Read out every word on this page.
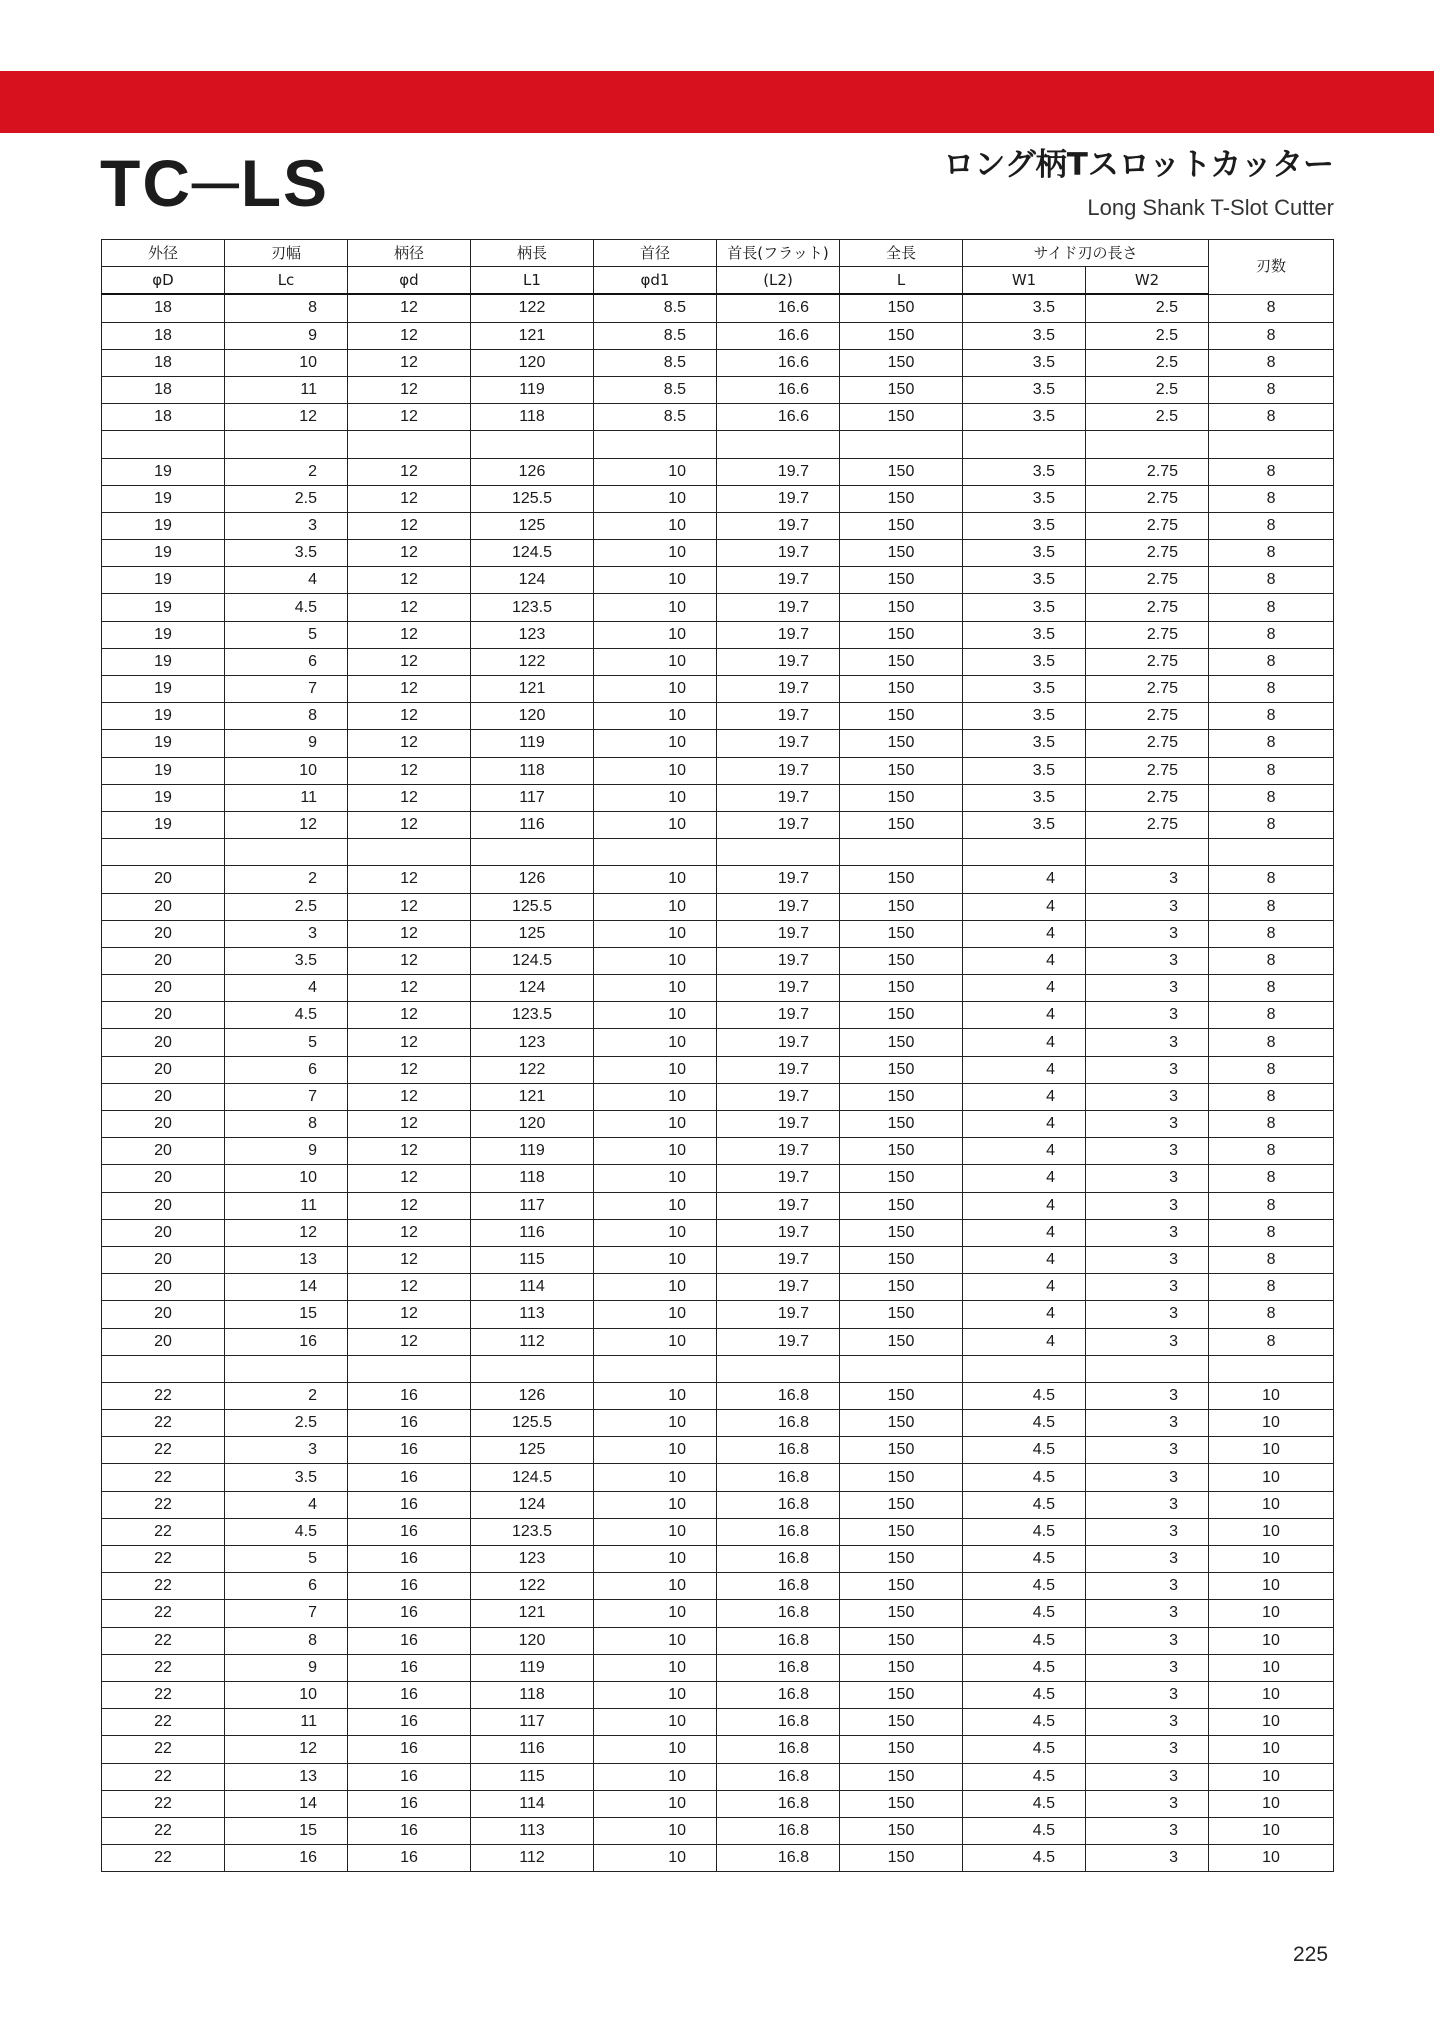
TC─LS	ロング柄Tスロットカッター
Long Shank T-Slot Cutter
外径	刃幅	柄径	柄長	首径	首長(フラット)	全長	サイド刃の長さ		刃数
φD	Lc	φd	L1	φd1	(L2)	L	W1	W2	
18	8	12	122	8.5	16.6	150	3.5	2.5	8
18	9	12	121	8.5	16.6	150	3.5	2.5	8
18	10	12	120	8.5	16.6	150	3.5	2.5	8
18	11	12	119	8.5	16.6	150	3.5	2.5	8
18	12	12	118	8.5	16.6	150	3.5	2.5	8

19	2	12	126	10	19.7	150	3.5	2.75	8
19	2.5	12	125.5	10	19.7	150	3.5	2.75	8
19	3	12	125	10	19.7	150	3.5	2.75	8
19	3.5	12	124.5	10	19.7	150	3.5	2.75	8
19	4	12	124	10	19.7	150	3.5	2.75	8
19	4.5	12	123.5	10	19.7	150	3.5	2.75	8
19	5	12	123	10	19.7	150	3.5	2.75	8
19	6	12	122	10	19.7	150	3.5	2.75	8
19	7	12	121	10	19.7	150	3.5	2.75	8
19	8	12	120	10	19.7	150	3.5	2.75	8
19	9	12	119	10	19.7	150	3.5	2.75	8
19	10	12	118	10	19.7	150	3.5	2.75	8
19	11	12	117	10	19.7	150	3.5	2.75	8
19	12	12	116	10	19.7	150	3.5	2.75	8

20	2	12	126	10	19.7	150	4	3	8
20	2.5	12	125.5	10	19.7	150	4	3	8
20	3	12	125	10	19.7	150	4	3	8
20	3.5	12	124.5	10	19.7	150	4	3	8
20	4	12	124	10	19.7	150	4	3	8
20	4.5	12	123.5	10	19.7	150	4	3	8
20	5	12	123	10	19.7	150	4	3	8
20	6	12	122	10	19.7	150	4	3	8
20	7	12	121	10	19.7	150	4	3	8
20	8	12	120	10	19.7	150	4	3	8
20	9	12	119	10	19.7	150	4	3	8
20	10	12	118	10	19.7	150	4	3	8
20	11	12	117	10	19.7	150	4	3	8
20	12	12	116	10	19.7	150	4	3	8
20	13	12	115	10	19.7	150	4	3	8
20	14	12	114	10	19.7	150	4	3	8
20	15	12	113	10	19.7	150	4	3	8
20	16	12	112	10	19.7	150	4	3	8

22	2	16	126	10	16.8	150	4.5	3	10
22	2.5	16	125.5	10	16.8	150	4.5	3	10
22	3	16	125	10	16.8	150	4.5	3	10
22	3.5	16	124.5	10	16.8	150	4.5	3	10
22	4	16	124	10	16.8	150	4.5	3	10
22	4.5	16	123.5	10	16.8	150	4.5	3	10
22	5	16	123	10	16.8	150	4.5	3	10
22	6	16	122	10	16.8	150	4.5	3	10
22	7	16	121	10	16.8	150	4.5	3	10
22	8	16	120	10	16.8	150	4.5	3	10
22	9	16	119	10	16.8	150	4.5	3	10
22	10	16	118	10	16.8	150	4.5	3	10
22	11	16	117	10	16.8	150	4.5	3	10
22	12	16	116	10	16.8	150	4.5	3	10
22	13	16	115	10	16.8	150	4.5	3	10
22	14	16	114	10	16.8	150	4.5	3	10
22	15	16	113	10	16.8	150	4.5	3	10
22	16	16	112	10	16.8	150	4.5	3	10
225
